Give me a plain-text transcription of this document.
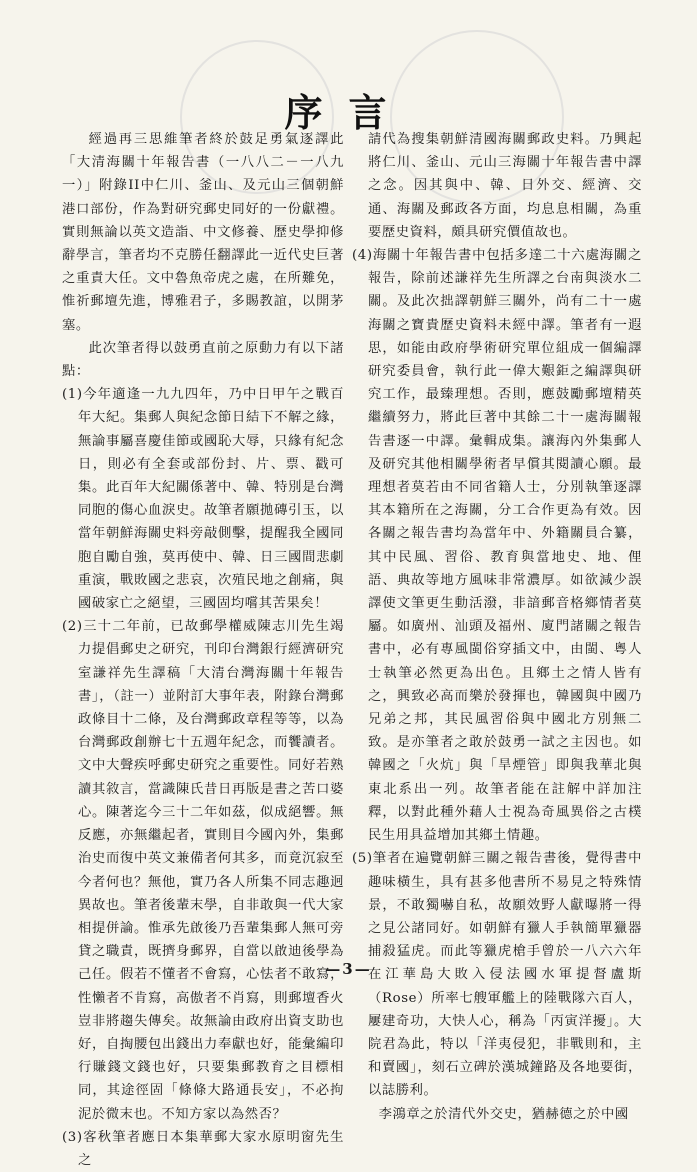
序言

經過再三思維筆者終於鼓足勇氣逐譯此「大清海關十年報告書（一八八二－一八九一）」附錄II中仁川、釜山、及元山三個朝鮮港口部份，作為對研究郵史同好的一份獻禮。實則無論以英文造詣、中文修養、歷史學抑修辭學言，筆者均不克勝任翻譯此一近代史巨著之重責大任。文中魯魚帝虎之處，在所難免，惟祈郵壇先進，博雅君子，多賜教誼，以開茅塞。

此次筆者得以鼓勇直前之原動力有以下諸點：

(1)今年適逢一九九四年，乃中日甲午之戰百年大紀。集郵人與紀念節日結下不解之緣，無論事屬喜慶佳節或國恥大辱，只緣有紀念日，則必有全套或部份封、片、票、戳可集。此百年大紀關係著中、韓、特別是台灣同胞的傷心血淚史。故筆者願拋磚引玉，以當年朝鮮海關史料旁敲側擊，提醒我全國同胞自勵自強，莫再使中、韓、日三國間悲劇重演，戰敗國之悲哀，次殖民地之創痛，與國破家亡之絕望，三國固均嚐其苦果矣！

(2)三十二年前，已故郵學權威陳志川先生竭力提倡郵史之研究，刊印台灣銀行經濟研究室謙祥先生譯稿「大清台灣海關十年報告書」，（註一）並附訂大事年表，附錄台灣郵政條目十二條，及台灣郵政章程等等，以為台灣郵政創辦七十五週年紀念，而饗讀者。文中大聲疾呼郵史研究之重要性。同好若熟讀其敘言，當識陳氏昔日再版是書之苦口婆心。陳著迄今三十二年如茲，似成絕響。無反應，亦無繼起者，實則目今國內外，集郵治史而復中英文兼備者何其多，而竟沉寂至今者何也？無他，實乃各人所集不同志趣迥異故也。筆者後輩末學，自非敢與一代大家相提併論。惟承先啟後乃吾輩集郵人無可旁貸之職責，既擠身郵界，自當以啟迪後學為己任。假若不懂者不會寫，心怯者不敢寫，性懶者不肯寫，高傲者不肖寫，則郵壇香火豈非將趨失傳矣。故無論由政府出資支助也好，自掏腰包出錢出力奉獻也好，能彙編印行賺錢文錢也好，只要集郵教育之目標相同，其途徑固「條條大路通長安」，不必拘泥於微末也。不知方家以為然否？

(3)客秋筆者應日本集華郵大家水原明窗先生之

請代為搜集朝鮮清國海關郵政史料。乃興起將仁川、釜山、元山三海關十年報告書中譯之念。因其與中、韓、日外交、經濟、交通、海關及郵政各方面，均息息相關，為重要歷史資料，頗具研究價值故也。

(4)海關十年報告書中包括多達二十六處海關之報告，除前述謙祥先生所譯之台南與淡水二關。及此次拙譯朝鮮三關外，尚有二十一處海關之寶貴歷史資料未經中譯。筆者有一遐思，如能由政府學術研究單位組成一個編譯研究委員會，執行此一偉大艱鉅之編譯與研究工作，最臻理想。否則，應鼓勵郵壇精英繼續努力，將此巨著中其餘二十一處海關報告書逐一中譯。彙輯成集。讓海內外集郵人及研究其他相關學術者早償其閱讀心願。最理想者莫若由不同省籍人士，分別執筆逐譯其本籍所在之海關，分工合作更為有效。因各關之報告書均為當年中、外籍關員合纂，其中民風、習俗、教育與當地史、地、俚語、典故等地方風味非常濃厚。如欲減少誤譯使文筆更生動活潑，非諳郵音格鄉情者莫屬。如廣州、汕頭及福州、廈門諸關之報告書中，必有專風閩俗穿插文中，由閩、粵人士執筆必然更為出色。且鄉土之情人皆有之，興致必高而樂於發揮也，韓國與中國乃兄弟之邦，其民風習俗與中國北方別無二致。是亦筆者之敢於鼓勇一試之主因也。如韓國之「火炕」與「旱煙管」即與我華北與東北系出一列。故筆者能在註解中詳加注釋，以對此種外藉人士視為奇風異俗之古樸民生用具益增加其鄉土情趣。

(5)筆者在遍覽朝鮮三關之報告書後，覺得書中趣味橫生，具有甚多他書所不易見之特殊情景，不敢獨嚇自私，故願效野人獻曝將一得之見公諸同好。如朝鮮有獵人手執簡單獵器捕殺猛虎。而此等獵虎槍手曾於一八六六年在江華島大敗入侵法國水軍提督盧斯（Rose）所率七艘軍艦上的陸戰隊六百人，屢建奇功，大快人心，稱為「丙寅洋擾」。大院君為此，特以「洋夷侵犯，非戰則和，主和賣國」，刻石立碑於漢城鐘路及各地要街，以誌勝利。

李鴻章之於清代外交史，猶赫德之於中國

—3—
